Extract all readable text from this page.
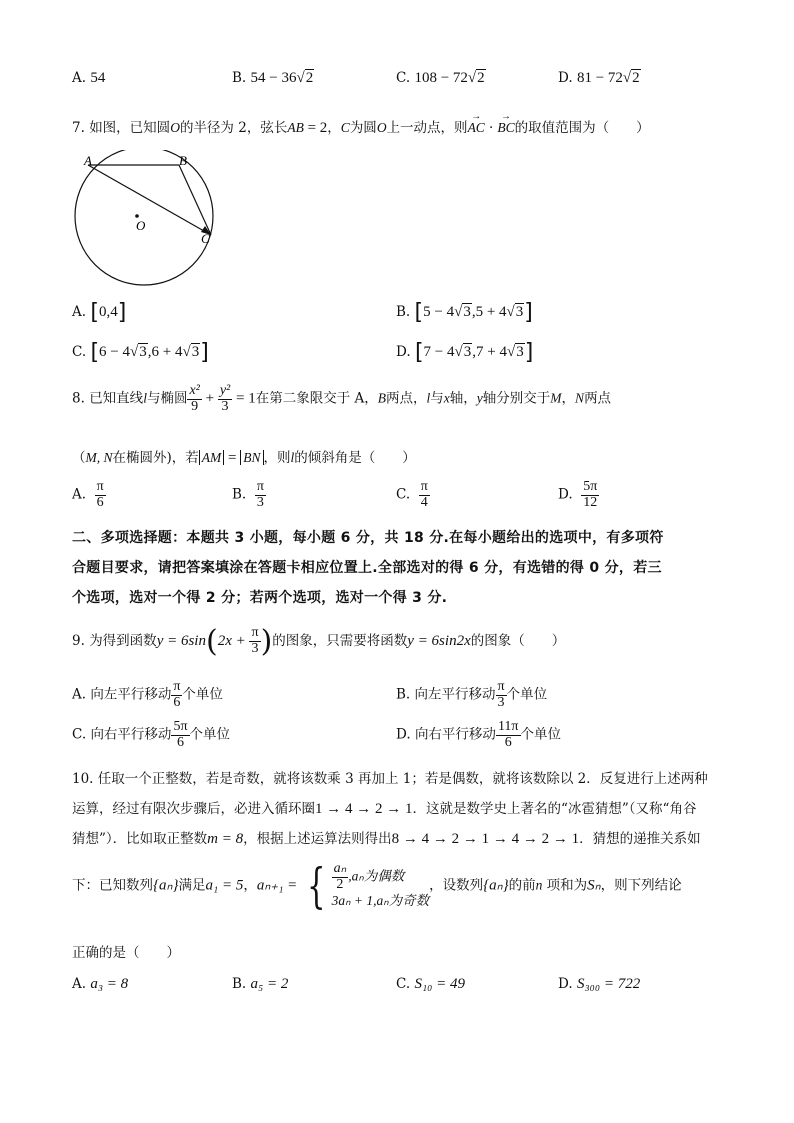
A. 54	B. 54 − 36√2	C. 108 − 72√2	D. 81 − 72√2
7. 如图，已知圆O的半径为 2，弦长AB = 2，C为圆O上一动点，则→ AC · → BC的取值范围为（　　）
A	B
C
O
A. [0,4]	B. [5 − 4√3,5 + 4√3]
C. [6 − 4√3,6 + 4√3]	D. [7 − 4√3,7 + 4√3]
8. 已知直线l与椭圆 $\frac{\text{x²}}{9} + \frac{\text{y²}}{3} = 1$在第二象限交于 A，B两点，l与x轴，y轴分别交于M，N两点
（M, N在椭圆外)，若 AM = BN ，则l的倾斜角是（　　）
A. $\frac{\pi}{6}$	B. $\frac{\pi}{3}$	C. $\frac{\pi}{4}$	D. $\frac{5\pi}{12}$
二、多项选择题：本题共 3 小题，每小题 6 分，共 18 分.在每小题给出的选项中，有多项符
合题目要求，请把答案填涂在答题卡相应位置上.全部选对的得 6 分，有选错的得 0 分，若三
个选项，选对一个得 2 分；若两个选项，选对一个得 3 分.
9. 为得到函数$y = 6\sin(2x + \frac{\pi}{3}$ )的图象，只需要将函数y = 6sin2x的图象（　　）
A. 向左平行移动 $\frac{\pi}{6}$ 个单位	B. 向左平行移动 $\frac{\pi}{3}$ 个单位
C. 向右平行移动 $\frac{5\pi}{6}$ 个单位	D. 向右平行移动 $\frac{11\pi}{6}$ 个单位
10. 任取一个正整数，若是奇数，就将该数乘 3 再加上 1；若是偶数，就将该数除以 2．反复进行上述两种
运算，经过有限次步骤后，必进入循环圈1 → 4 → 2 → 1．这就是数学史上著名的“冰雹猜想”（又称“角谷
猜想”）．比如取正整数m = 8，根据上述运算法则得出8 → 4 → 2 → 1 → 4 → 2 → 1．猜想的递推关系如
下：已知数列{aₙ}满足a₁ = 5，aₙ₊₁ = { $\frac{\text{aₙ}}{2} ,a_n$为偶数
3aₙ + 1,aₙ为奇数
，设数列{aₙ}的前n 项和为Sₙ，则下列结论
正确的是（　　）
A. a₃ = 8	B. a₅ = 2	C. S₁₀ = 49	D. S₃₀₀ = 722
